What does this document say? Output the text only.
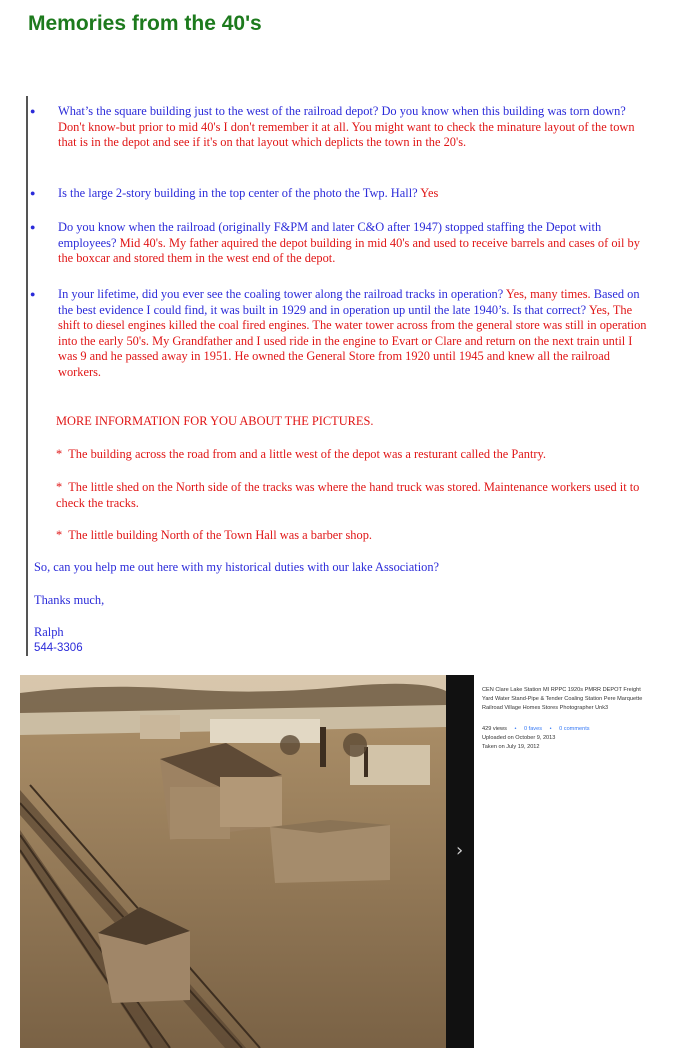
Memories from the 40's
● What’s the square building just to the west of the railroad depot? Do you know when this building was torn down? Don't know-but prior to mid 40's I don't remember it at all. You might want to check the minature layout of the town that is in the depot and see if it's on that layout which deplicts the town in the 20's.
● Is the large 2-story building in the top center of the photo the Twp. Hall? Yes
● Do you know when the railroad (originally F&PM and later C&O after 1947) stopped staffing the Depot with employees? Mid 40's. My father aquired the depot building in mid 40's and used to receive barrels and cases of oil by the boxcar and stored them in the west end of the depot.
● In your lifetime, did you ever see the coaling tower along the railroad tracks in operation? Yes, many times. Based on the best evidence I could find, it was built in 1929 and in operation up until the late 1940’s. Is that correct? Yes, The shift to diesel engines killed the coal fired engines. The water tower across from the general store was still in operation into the early 50's. My Grandfather and I used ride in the engine to Evart or Clare and return on the next train until I was 9 and he passed away in 1951. He owned the General Store from 1920 until 1945 and knew all the railroad workers.
MORE INFORMATION FOR YOU ABOUT THE PICTURES.
* The building across the road from and a little west of the depot was a resturant called the Pantry.
* The little shed on the North side of the tracks was where the hand truck was stored. Maintenance workers used it to check the tracks.
* The little building North of the Town Hall was a barber shop.
So, can you help me out here with my historical duties with our lake Association?
Thanks much,
Ralph
544-3306
›
CEN Clare Lake Station MI RPPC 1920s PMRR DEPOT Freight Yard Water Stand-Pipe & Tender Coaling Station Pere Marquette Railroad Village Homes Stores Photographer Unk3
429 views • 0 faves • 0 comments
Uploaded on October 9, 2013
Taken on July 19, 2012
